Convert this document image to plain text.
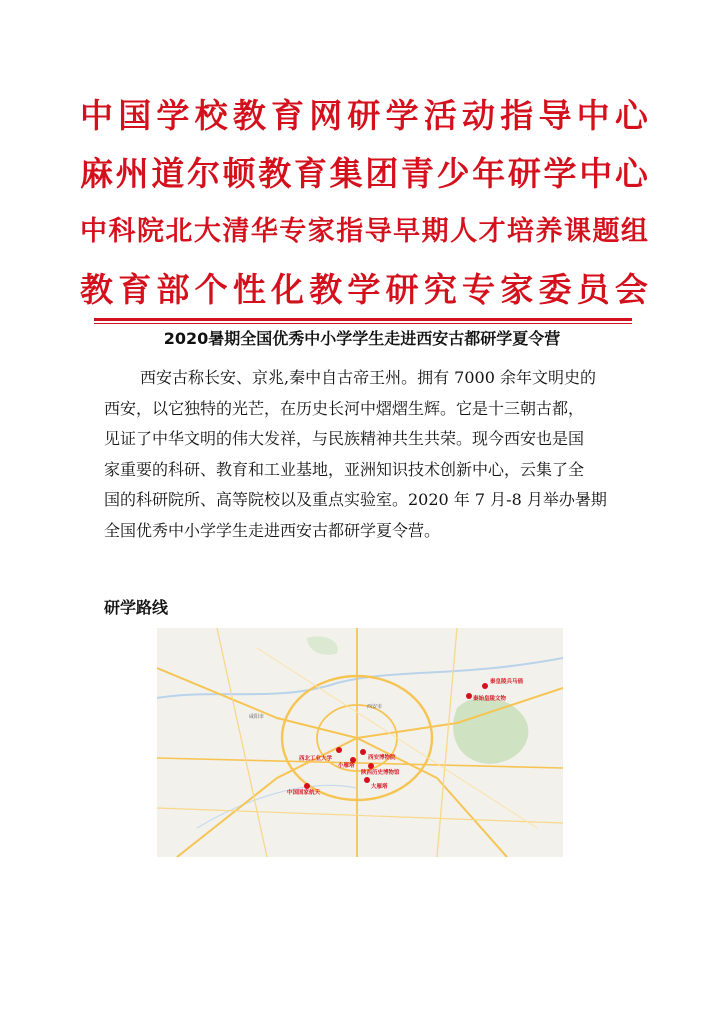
中 国 学 校 教 育 网 研 学 活 动 指 导 中 心
麻 州 道 尔 顿 教 育 集 团 青 少 年 研 学 中 心
中 科 院 北 大 清 华 专 家 指 导 早 期 人 才 培 养 课 题 组
教 育 部 个 性 化 教 学 研 究 专 家 委 员 会
2020暑期全国优秀中小学学生走进西安古都研学夏令营

西安古称长安、京兆,秦中自古帝王州。拥有 7000 余年文明史的

西安，以它独特的光芒，在历史长河中熠熠生辉。它是十三朝古都，

见证了中华文明的伟大发祥，与民族精神共生共荣。现今西安也是国

家重要的科研、教育和工业基地，亚洲知识技术创新中心，云集了全

国的科研院所、高等院校以及重点实验室。2020 年 7 月-8 月举办暑期

全国优秀中小学学生走进西安古都研学夏令营。

研学路线
咸阳市
西安市
秦皇陵兵马俑
秦始皇陵文物
西北工业大学	西安博物院
小雁塔
陕西历史博物馆
大雁塔
中国国家航天
